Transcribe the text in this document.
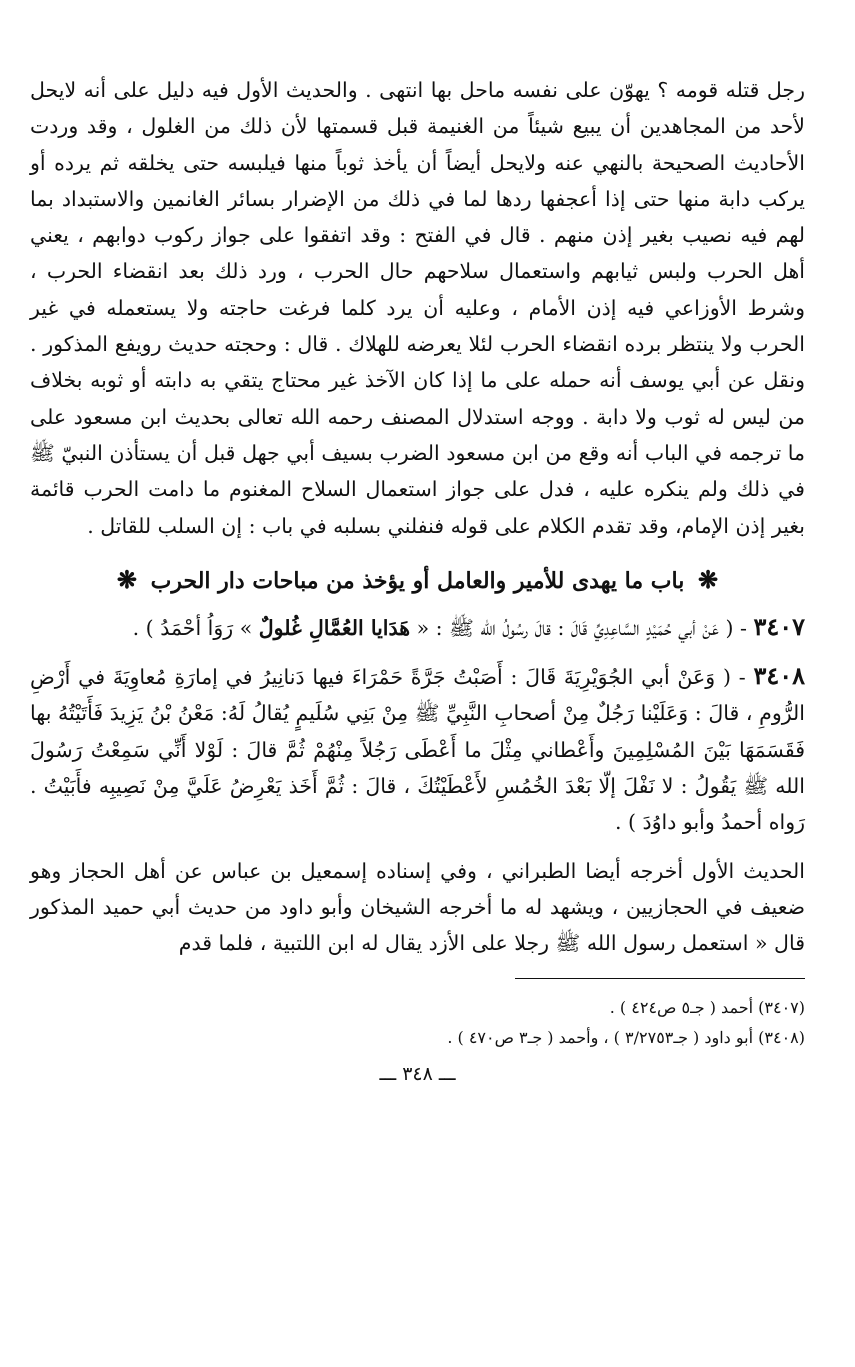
رجل قتله قومه ؟ يهوّن على نفسه ماحل بها انتهى . والحديث الأول فيه دليل على أنه لايحل لأحد من المجاهدين أن يبيع شيئاً من الغنيمة قبل قسمتها لأن ذلك من الغلول ، وقد وردت الأحاديث الصحيحة بالنهي عنه ولايحل أيضاً أن يأخذ ثوباً منها فيلبسه حتى يخلقه ثم يرده أو يركب دابة منها حتى إذا أعجفها ردها لما في ذلك من الإضرار بسائر الغانمين والاستبداد بما لهم فيه نصيب بغير إذن منهم . قال في الفتح : وقد اتفقوا على جواز ركوب دوابهم ، يعني أهل الحرب ولبس ثيابهم واستعمال سلاحهم حال الحرب ، ورد ذلك بعد انقضاء الحرب ، وشرط الأوزاعي فيه إذن الأمام ، وعليه أن يرد كلما فرغت حاجته ولا يستعمله في غير الحرب ولا ينتظر برده انقضاء الحرب لئلا يعرضه للهلاك . قال : وحجته حديث رويفع المذكور . ونقل عن أبي يوسف أنه حمله على ما إذا كان الآخذ غير محتاج يتقي به دابته أو ثوبه بخلاف من ليس له ثوب ولا دابة . ووجه استدلال المصنف رحمه الله تعالى بحديث ابن مسعود على ما ترجمه في الباب أنه وقع من ابن مسعود الضرب بسيف أبي جهل قبل أن يستأذن النبيّ ﷺ في ذلك ولم ينكره عليه ، فدل على جواز استعمال السلاح المغنوم ما دامت الحرب قائمة بغير إذن الإمام، وقد تقدم الكلام على قوله فنفلني بسلبه في باب : إن السلب للقاتل .

❋ باب ما يهدى للأمير والعامل أو يؤخذ من مباحات دار الحرب ❋

٣٤٠٧ - ( عَنْ أبي حُمَيْدٍ السَّاعِدِيِّ قَالَ : قالَ رسُولُ الله ﷺ : « هَدَايا العُمَّالِ غُلولٌ » رَوَاُ أحْمَدُ ) .

٣٤٠٨ - ( وَعَنْ أبي الجُوَيْرِيَةَ قَالَ : أَصَبْتُ جَرَّةً حَمْرَاءَ فيها دَنانِيرُ في إمارَةِ مُعاوِيَةَ في أَرْضِ الرُّومِ ، قالَ : وَعَلَيْنا رَجُلٌ مِنْ أصحابِ النَّبِيِّ ﷺ مِنْ بَنِي سُلَيمٍ يُقالُ لَهُ: مَعْنُ بْنُ يَزِيدَ فَأَتَيْتُهُ بها فَقَسَمَهَا بَيْنَ المُسْلِمِينَ وأَعْطاني مِثْلَ ما أَعْطَى رَجُلاً مِنْهُمْ ثُمَّ قالَ : لَوْلا أَنِّي سَمِعْتُ رَسُولَ الله ﷺ يَقُولُ : لا نَفْلَ إلّا بَعْدَ الخُمُسِ لأَعْطَيْتُكَ ، قالَ : ثُمَّ أَخَذ يَعْرِضُ عَلَيَّ مِنْ نَصِيبِه فأَبَيْتُ . رَواه أحمدُ وأبو داوُدَ ) .

الحديث الأول أخرجه أيضا الطبراني ، وفي إسناده إسمعيل بن عباس عن أهل الحجاز وهو ضعيف في الحجازيين ، ويشهد له ما أخرجه الشيخان وأبو داود من حديث أبي حميد المذكور قال « استعمل رسول الله ﷺ رجلا على الأزد يقال له ابن اللتبية ، فلما قدم

(٣٤٠٧) أحمد ( جـ٥ ص٤٢٤ ) .

(٣٤٠٨) أبو داود ( جـ٣/٢٧٥٣ ) ، وأحمد ( جـ٣ ص٤٧٠ ) .

ـــ ٣٤٨ ـــ
